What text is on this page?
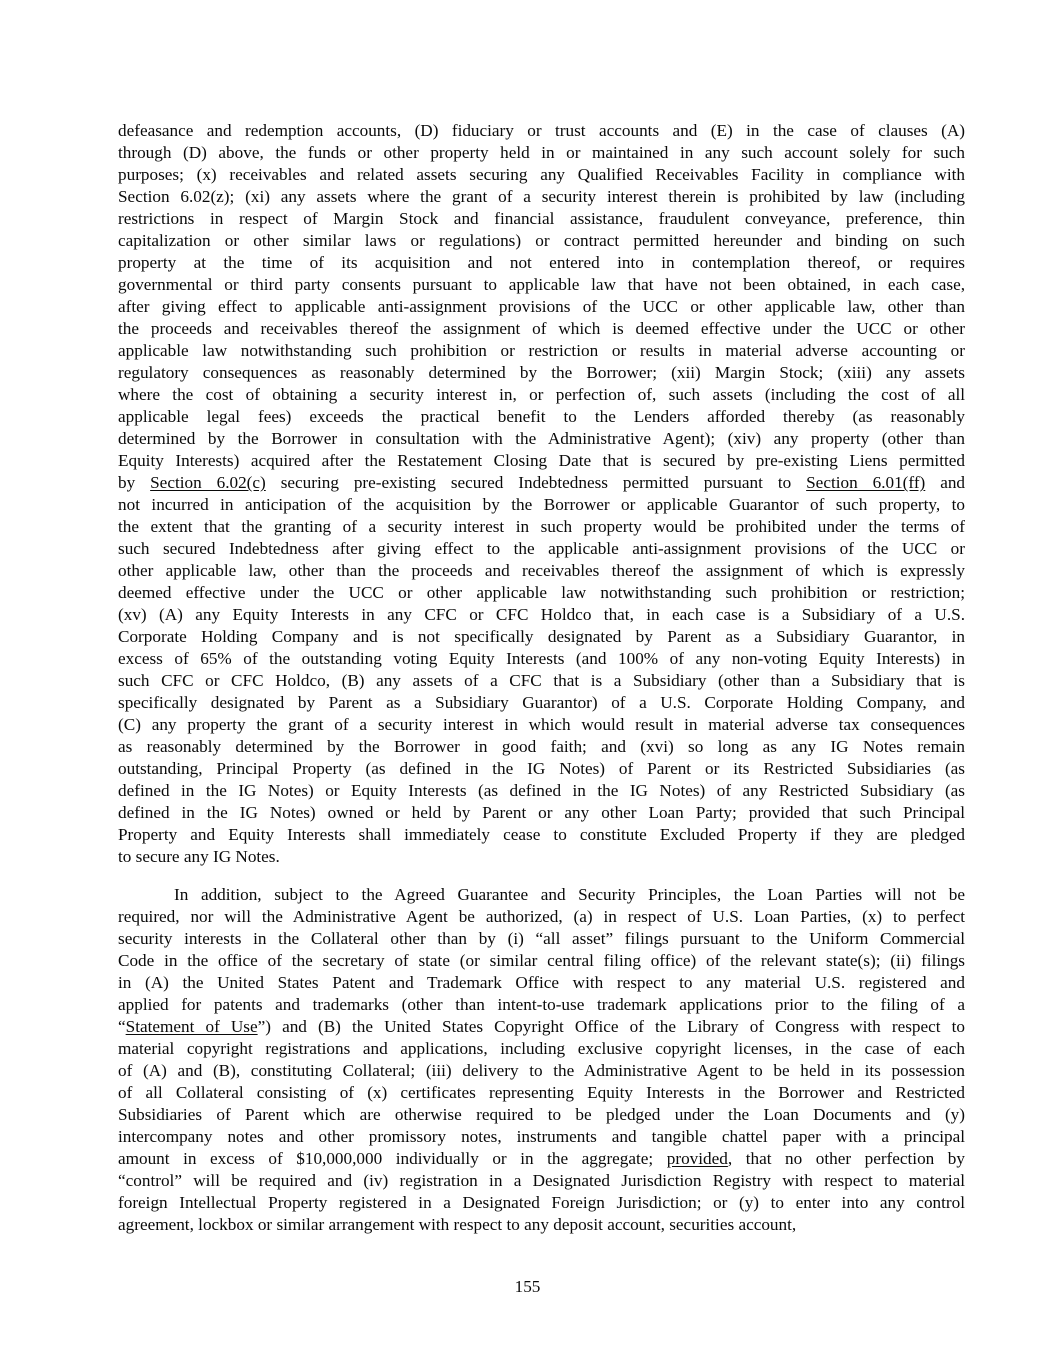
defeasance and redemption accounts, (D) fiduciary or trust accounts and (E) in the case of clauses (A)
through (D) above, the funds or other property held in or maintained in any such account solely for such
purposes; (x) receivables and related assets securing any Qualified Receivables Facility in compliance with
Section 6.02(z); (xi) any assets where the grant of a security interest therein is prohibited by law (including
restrictions in respect of Margin Stock and financial assistance, fraudulent conveyance, preference, thin
capitalization or other similar laws or regulations) or contract permitted hereunder and binding on such
property at the time of its acquisition and not entered into in contemplation thereof, or requires
governmental or third party consents pursuant to applicable law that have not been obtained, in each case,
after giving effect to applicable anti-assignment provisions of the UCC or other applicable law, other than
the proceeds and receivables thereof the assignment of which is deemed effective under the UCC or other
applicable law notwithstanding such prohibition or restriction or results in material adverse accounting or
regulatory consequences as reasonably determined by the Borrower; (xii) Margin Stock; (xiii) any assets
where the cost of obtaining a security interest in, or perfection of, such assets (including the cost of all
applicable legal fees) exceeds the practical benefit to the Lenders afforded thereby (as reasonably
determined by the Borrower in consultation with the Administrative Agent); (xiv) any property (other than
Equity Interests) acquired after the Restatement Closing Date that is secured by pre-existing Liens permitted
by Section 6.02(c) securing pre-existing secured Indebtedness permitted pursuant to Section 6.01(ff) and
not incurred in anticipation of the acquisition by the Borrower or applicable Guarantor of such property, to
the extent that the granting of a security interest in such property would be prohibited under the terms of
such secured Indebtedness after giving effect to the applicable anti-assignment provisions of the UCC or
other applicable law, other than the proceeds and receivables thereof the assignment of which is expressly
deemed effective under the UCC or other applicable law notwithstanding such prohibition or restriction;
(xv) (A) any Equity Interests in any CFC or CFC Holdco that, in each case is a Subsidiary of a U.S.
Corporate Holding Company and is not specifically designated by Parent as a Subsidiary Guarantor, in
excess of 65% of the outstanding voting Equity Interests (and 100% of any non-voting Equity Interests) in
such CFC or CFC Holdco, (B) any assets of a CFC that is a Subsidiary (other than a Subsidiary that is
specifically designated by Parent as a Subsidiary Guarantor) of a U.S. Corporate Holding Company, and
(C) any property the grant of a security interest in which would result in material adverse tax consequences
as reasonably determined by the Borrower in good faith; and (xvi) so long as any IG Notes remain
outstanding, Principal Property (as defined in the IG Notes) of Parent or its Restricted Subsidiaries (as
defined in the IG Notes) or Equity Interests (as defined in the IG Notes) of any Restricted Subsidiary (as
defined in the IG Notes) owned or held by Parent or any other Loan Party; provided that such Principal
Property and Equity Interests shall immediately cease to constitute Excluded Property if they are pledged
to secure any IG Notes.
In addition, subject to the Agreed Guarantee and Security Principles, the Loan Parties will not be
required, nor will the Administrative Agent be authorized, (a) in respect of U.S. Loan Parties, (x) to perfect
security interests in the Collateral other than by (i) “all asset” filings pursuant to the Uniform Commercial
Code in the office of the secretary of state (or similar central filing office) of the relevant state(s); (ii) filings
in (A) the United States Patent and Trademark Office with respect to any material U.S. registered and
applied for patents and trademarks (other than intent-to-use trademark applications prior to the filing of a
“Statement of Use”) and (B) the United States Copyright Office of the Library of Congress with respect to
material copyright registrations and applications, including exclusive copyright licenses, in the case of each
of (A) and (B), constituting Collateral; (iii) delivery to the Administrative Agent to be held in its possession
of all Collateral consisting of (x) certificates representing Equity Interests in the Borrower and Restricted
Subsidiaries of Parent which are otherwise required to be pledged under the Loan Documents and (y)
intercompany notes and other promissory notes, instruments and tangible chattel paper with a principal
amount in excess of $10,000,000 individually or in the aggregate; provided, that no other perfection by
“control” will be required and (iv) registration in a Designated Jurisdiction Registry with respect to material
foreign Intellectual Property registered in a Designated Foreign Jurisdiction; or (y) to enter into any control
agreement, lockbox or similar arrangement with respect to any deposit account, securities account,
155
